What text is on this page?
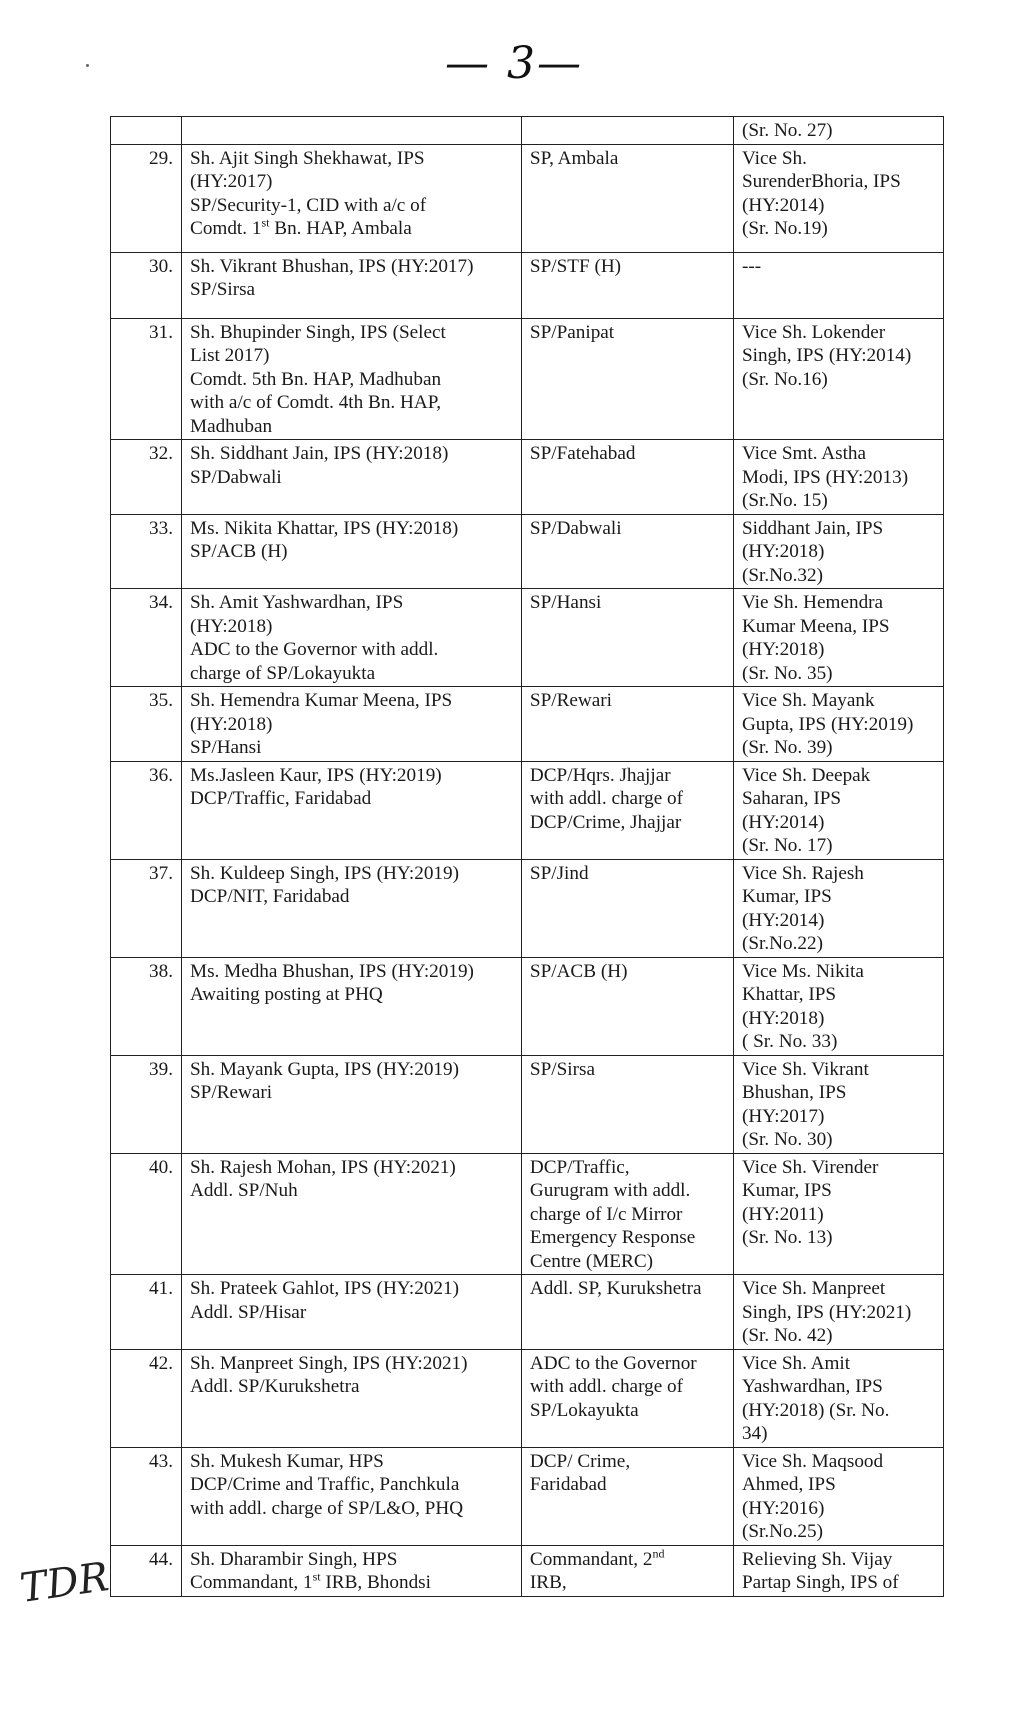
— 3—

			(Sr. No. 27)

29.	Sh. Ajit Singh Shekhawat, IPS
(HY:2017)
SP/Security-1, CID with a/c of
Comdt. 1st Bn. HAP, Ambala	SP, Ambala	Vice Sh.
SurenderBhoria, IPS
(HY:2014)
(Sr. No.19)

30.	Sh. Vikrant Bhushan, IPS (HY:2017)
SP/Sirsa	SP/STF (H)	---

31.	Sh. Bhupinder Singh, IPS (Select
List 2017)
Comdt. 5th Bn. HAP, Madhuban
with a/c of Comdt. 4th Bn. HAP,
Madhuban	SP/Panipat	Vice Sh. Lokender
Singh, IPS (HY:2014)
(Sr. No.16)

32.	Sh. Siddhant Jain, IPS (HY:2018)
SP/Dabwali	SP/Fatehabad	Vice Smt. Astha
Modi, IPS (HY:2013)
(Sr.No. 15)

33.	Ms. Nikita Khattar, IPS (HY:2018)
SP/ACB (H)	SP/Dabwali	Siddhant Jain, IPS
(HY:2018)
(Sr.No.32)

34.	Sh. Amit Yashwardhan, IPS
(HY:2018)
ADC to the Governor with addl.
charge of SP/Lokayukta	SP/Hansi	Vie Sh. Hemendra
Kumar Meena, IPS
(HY:2018)
(Sr. No. 35)

35.	Sh. Hemendra Kumar Meena, IPS
(HY:2018)
SP/Hansi	SP/Rewari	Vice Sh. Mayank
Gupta, IPS (HY:2019)
(Sr. No. 39)

36.	Ms.Jasleen Kaur, IPS (HY:2019)
DCP/Traffic, Faridabad	DCP/Hqrs. Jhajjar
with addl. charge of
DCP/Crime, Jhajjar	Vice Sh. Deepak
Saharan, IPS
(HY:2014)
(Sr. No. 17)

37.	Sh. Kuldeep Singh, IPS (HY:2019)
DCP/NIT, Faridabad	SP/Jind	Vice Sh. Rajesh
Kumar, IPS
(HY:2014)
(Sr.No.22)

38.	Ms. Medha Bhushan, IPS (HY:2019)
Awaiting posting at PHQ	SP/ACB (H)	Vice Ms. Nikita
Khattar, IPS
(HY:2018)
( Sr. No. 33)

39.	Sh. Mayank Gupta, IPS (HY:2019)
SP/Rewari	SP/Sirsa	Vice Sh. Vikrant
Bhushan, IPS
(HY:2017)
(Sr. No. 30)

40.	Sh. Rajesh Mohan, IPS (HY:2021)
Addl. SP/Nuh	DCP/Traffic,
Gurugram with addl.
charge of I/c Mirror
Emergency Response
Centre (MERC)	Vice Sh. Virender
Kumar, IPS
(HY:2011)
(Sr. No. 13)

41.	Sh. Prateek Gahlot, IPS (HY:2021)
Addl. SP/Hisar	Addl. SP, Kurukshetra	Vice Sh. Manpreet
Singh, IPS (HY:2021)
(Sr. No. 42)

42.	Sh. Manpreet Singh, IPS (HY:2021)
Addl. SP/Kurukshetra	ADC to the Governor
with addl. charge of
SP/Lokayukta	Vice Sh. Amit
Yashwardhan, IPS
(HY:2018) (Sr. No.
34)

43.	Sh. Mukesh Kumar, HPS
DCP/Crime and Traffic, Panchkula
with addl. charge of SP/L&O, PHQ	DCP/ Crime,
Faridabad	Vice Sh. Maqsood
Ahmed, IPS
(HY:2016)
(Sr.No.25)

44.	Sh. Dharambir Singh, HPS
Commandant, 1st IRB, Bhondsi	Commandant, 2nd
IRB,	Relieving Sh. Vijay
Partap Singh, IPS of
TDR
